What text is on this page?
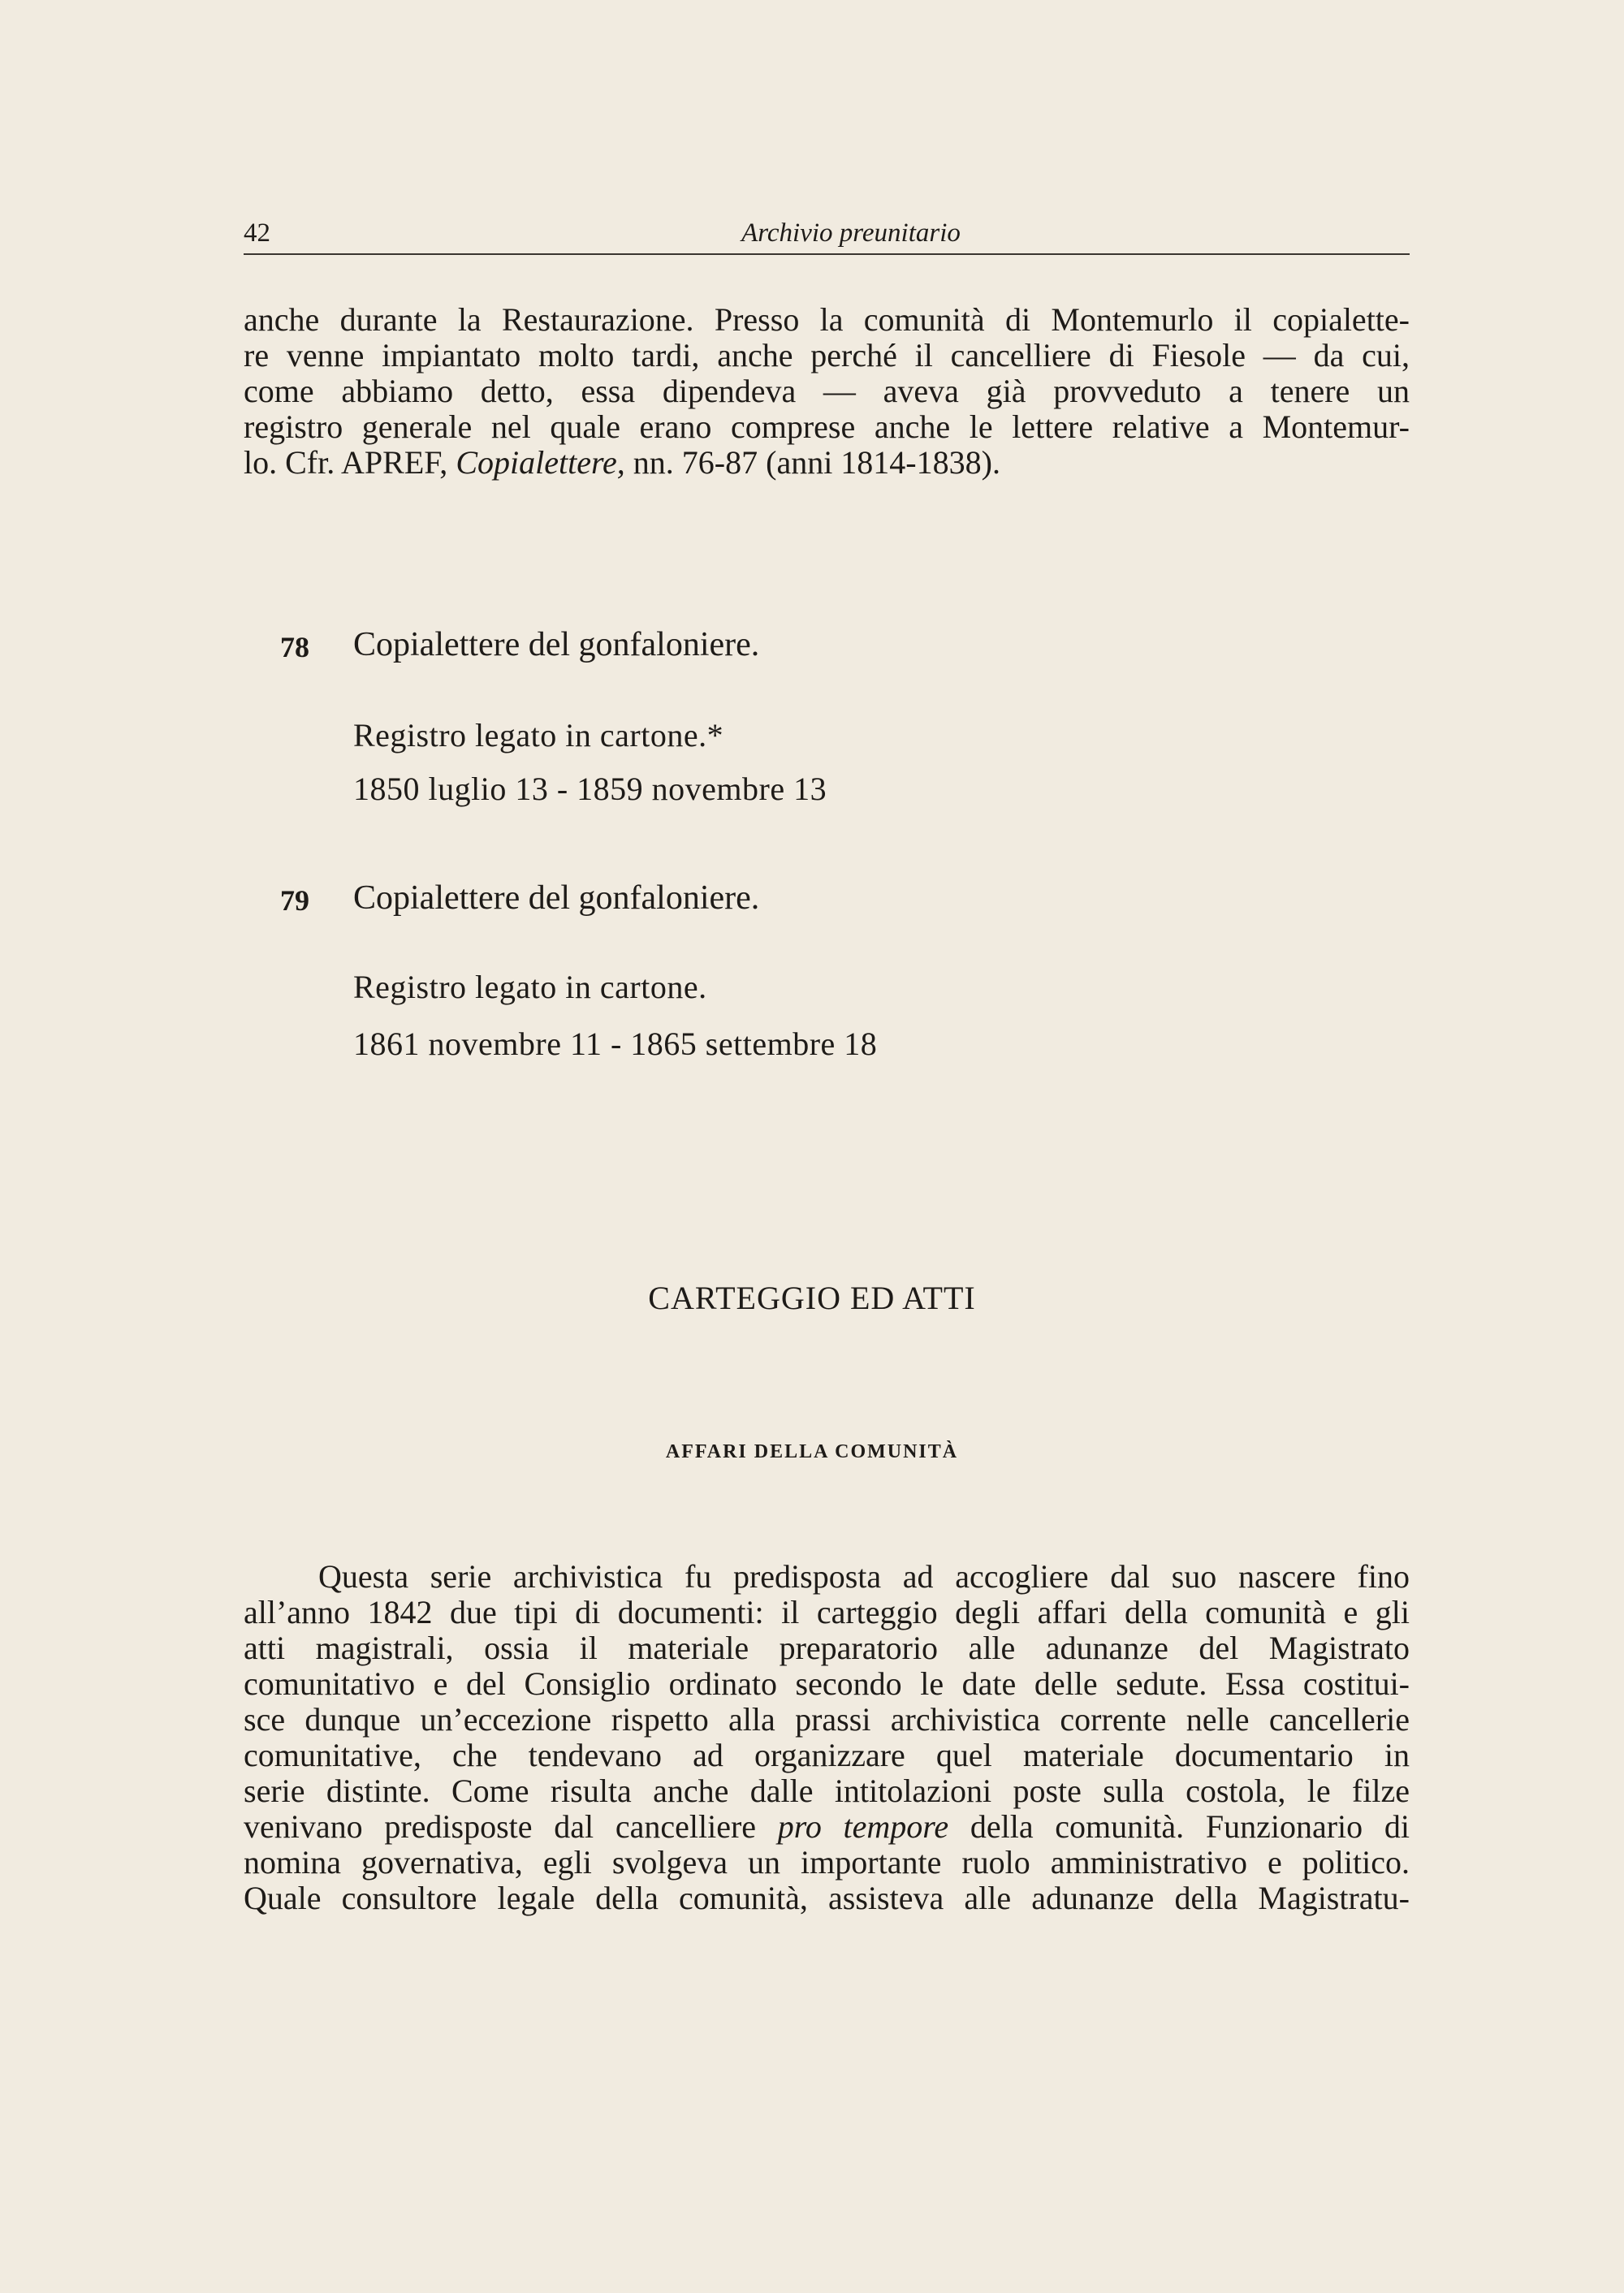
42	Archivio preunitario
anche durante la Restaurazione. Presso la comunità di Montemurlo il copialette-
re venne impiantato molto tardi, anche perché il cancelliere di Fiesole — da cui,
come abbiamo detto, essa dipendeva — aveva già provveduto a tenere un
registro generale nel quale erano comprese anche le lettere relative a Montemur-
lo. Cfr. APREF, Copialettere, nn. 76-87 (anni 1814-1838).
78 Copialettere del gonfaloniere.
Registro legato in cartone.*
1850 luglio 13 - 1859 novembre 13
79 Copialettere del gonfaloniere.
Registro legato in cartone.
1861 novembre 11 - 1865 settembre 18
CARTEGGIO ED ATTI
AFFARI DELLA COMUNITÀ
Questa serie archivistica fu predisposta ad accogliere dal suo nascere fino
all’anno 1842 due tipi di documenti: il carteggio degli affari della comunità e gli
atti magistrali, ossia il materiale preparatorio alle adunanze del Magistrato
comunitativo e del Consiglio ordinato secondo le date delle sedute. Essa costitui-
sce dunque un’eccezione rispetto alla prassi archivistica corrente nelle cancellerie
comunitative, che tendevano ad organizzare quel materiale documentario in
serie distinte. Come risulta anche dalle intitolazioni poste sulla costola, le filze
venivano predisposte dal cancelliere pro tempore della comunità. Funzionario di
nomina governativa, egli svolgeva un importante ruolo amministrativo e politico.
Quale consultore legale della comunità, assisteva alle adunanze della Magistratu-
